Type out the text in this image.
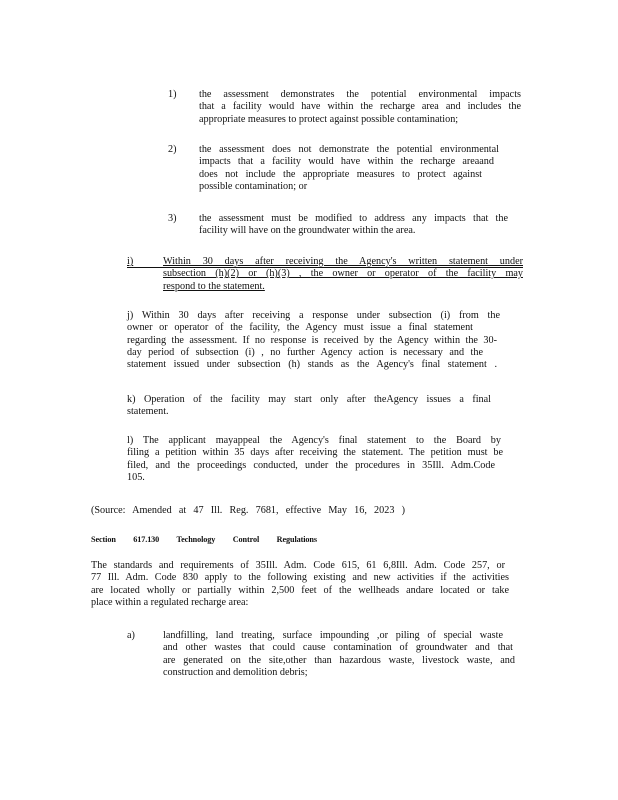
1) the assessment demonstrates the potential environmental impacts
that a facility would have within the recharge area and includes the
appropriate measures to protect against possible contamination;
2) the assessment does not demonstrate the potential environmental
impacts that a facility would have within the recharge areaand
does not include the appropriate measures to protect against
possible contamination; or
3) the assessment must be modified to address any impacts that the
facility will have on the groundwater within the area.
i)	Within 30 days after receiving the Agency's written statement under
subsection (h)(2) or (h)(3) , the owner or operator of the facility may
respond to the statement.
j) Within 30 days after receiving a response under subsection (i) from the
owner or operator of the facility, the Agency must issue a final statement
regarding the assessment. If no response is received by the Agency within the 30-
day period of subsection (i) , no further Agency action is necessary and the
statement issued under subsection (h) stands as the Agency's final statement .
k) Operation of the facility may start only after theAgency issues a final
statement.
l) The applicant mayappeal the Agency's final statement to the Board by
filing a petition within 35 days after receiving the statement. The petition must be
filed, and the proceedings conducted, under the procedures in 35Ill. Adm.Code
105.
(Source: Amended at 47 Ill. Reg. 7681, effective May 16, 2023 )
Section 617.130 Technology Control Regulations
The standards and requirements of 35Ill. Adm. Code 615, 61 6,8Ill. Adm. Code 257, or
77 Ill. Adm. Code 830 apply to the following existing and new activities if the activities
are located wholly or partially within 2,500 feet of the wellheads andare located or take
place within a regulated recharge area:
a)	landfilling, land treating, surface impounding ,or piling of special waste
and other wastes that could cause contamination of groundwater and that
are generated on the site,other than hazardous waste, livestock waste, and
construction and demolition debris;
